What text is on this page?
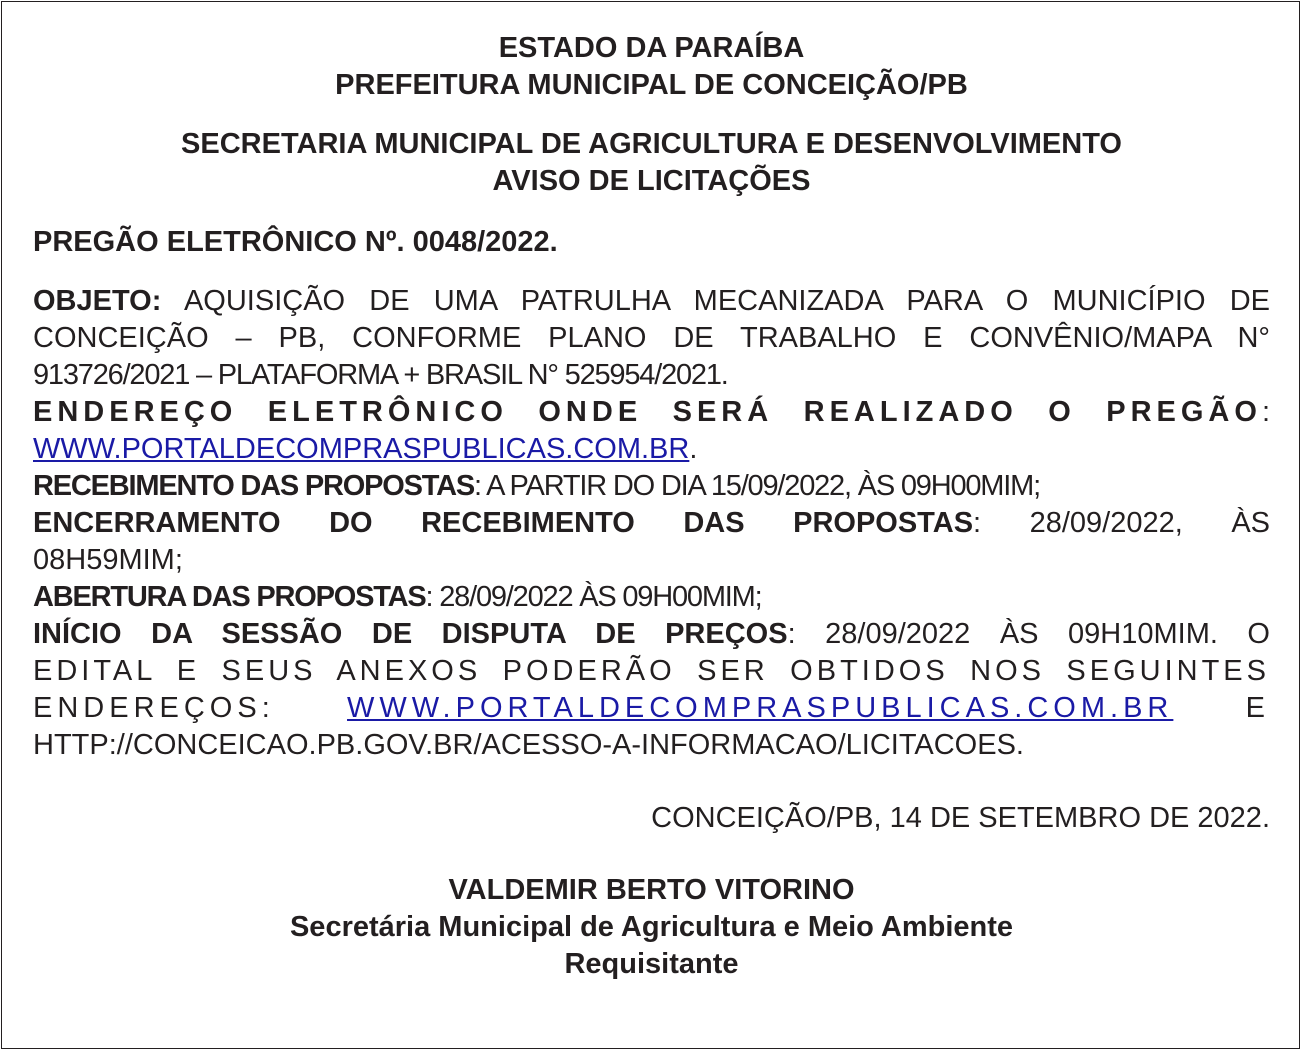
ESTADO DA PARAÍBA
PREFEITURA MUNICIPAL DE CONCEIÇÃO/PB
SECRETARIA MUNICIPAL DE AGRICULTURA E DESENVOLVIMENTO
AVISO DE LICITAÇÕES
PREGÃO ELETRÔNICO Nº. 0048/2022.
OBJETO: AQUISIÇÃO DE UMA PATRULHA MECANIZADA PARA O MUNICÍPIO DE
CONCEIÇÃO – PB, CONFORME PLANO DE TRABALHO E CONVÊNIO/MAPA N°
913726/2021 – PLATAFORMA + BRASIL N° 525954/2021.
ENDEREÇO ELETRÔNICO ONDE SERÁ REALIZADO O PREGÃO:
WWW.PORTALDECOMPRASPUBLICAS.COM.BR.
RECEBIMENTO DAS PROPOSTAS: A PARTIR DO DIA 15/09/2022, ÀS 09H00MIM;
ENCERRAMENTO DO RECEBIMENTO DAS PROPOSTAS: 28/09/2022, ÀS
08H59MIM;
ABERTURA DAS PROPOSTAS: 28/09/2022 ÀS 09H00MIM;
INÍCIO DA SESSÃO DE DISPUTA DE PREÇOS: 28/09/2022 ÀS 09H10MIM. O
EDITAL E SEUS ANEXOS PODERÃO SER OBTIDOS NOS SEGUINTES
ENDEREÇOS: WWW.PORTALDECOMPRASPUBLICAS.COM.BR E
HTTP://CONCEICAO.PB.GOV.BR/ACESSO-A-INFORMACAO/LICITACOES.
CONCEIÇÃO/PB, 14 DE SETEMBRO DE 2022.
VALDEMIR BERTO VITORINO
Secretária Municipal de Agricultura e Meio Ambiente
Requisitante
